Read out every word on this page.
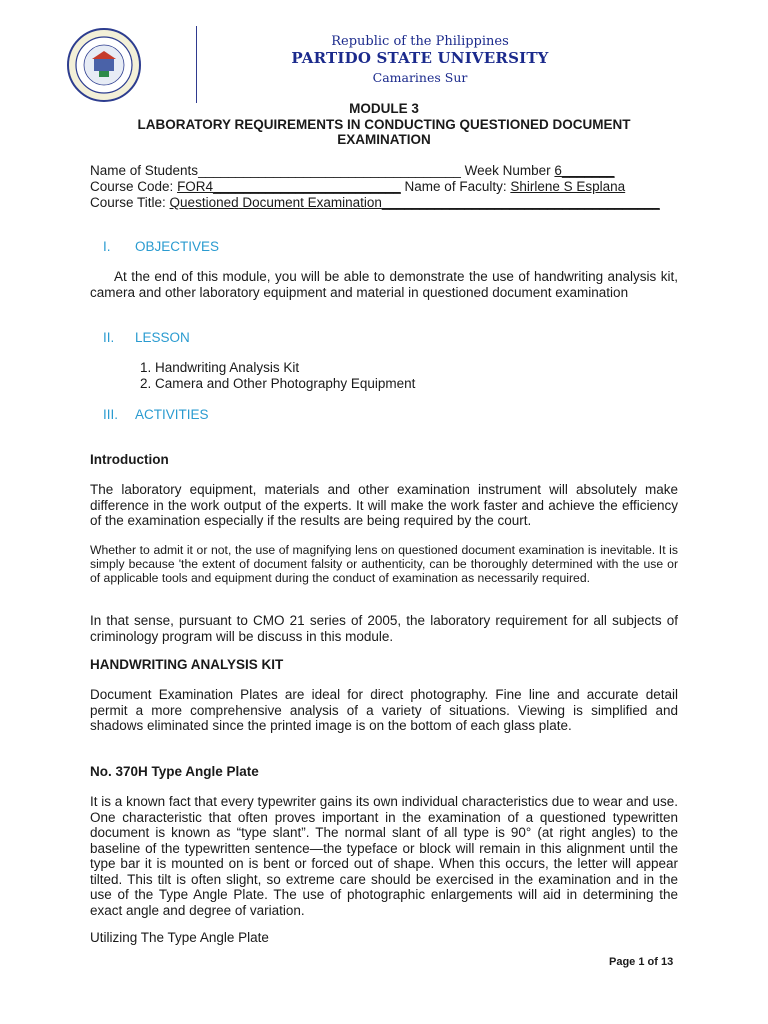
Republic of the Philippines
PARTIDO STATE UNIVERSITY
Camarines Sur
MODULE 3
LABORATORY REQUIREMENTS IN CONDUCTING QUESTIONED DOCUMENT
EXAMINATION
Name of Students___________________________________ Week Number 6_______
Course Code: FOR4_________________________ Name of Faculty: Shirlene S Esplana
Course Title: Questioned Document Examination_____________________________________
I. OBJECTIVES
At the end of this module, you will be able to demonstrate the use of handwriting analysis kit, camera and other laboratory equipment and material in questioned document examination
II. LESSON
1. Handwriting Analysis Kit
2. Camera and Other Photography Equipment
III. ACTIVITIES
Introduction
The laboratory equipment, materials and other examination instrument will absolutely make difference in the work output of the experts. It will make the work faster and achieve the efficiency of the examination especially if the results are being required by the court.
Whether to admit it or not, the use of magnifying lens on questioned document examination is inevitable. It is simply because 'the extent of document falsity or authenticity, can be thoroughly determined with the use or of applicable tools and equipment during the conduct of examination as necessarily required.
In that sense, pursuant to CMO 21 series of 2005, the laboratory requirement for all subjects of criminology program will be discuss in this module.
HANDWRITING ANALYSIS KIT
Document Examination Plates are ideal for direct photography. Fine line and accurate detail permit a more comprehensive analysis of a variety of situations. Viewing is simplified and shadows eliminated since the printed image is on the bottom of each glass plate.
No. 370H Type Angle Plate
It is a known fact that every typewriter gains its own individual characteristics due to wear and use. One characteristic that often proves important in the examination of a questioned typewritten document is known as “type slant”. The normal slant of all type is 90° (at right angles) to the baseline of the typewritten sentence—the typeface or block will remain in this alignment until the type bar it is mounted on is bent or forced out of shape. When this occurs, the letter will appear tilted. This tilt is often slight, so extreme care should be exercised in the examination and in the use of the Type Angle Plate. The use of photographic enlargements will aid in determining the exact angle and degree of variation.
Utilizing The Type Angle Plate
Page 1 of 13
